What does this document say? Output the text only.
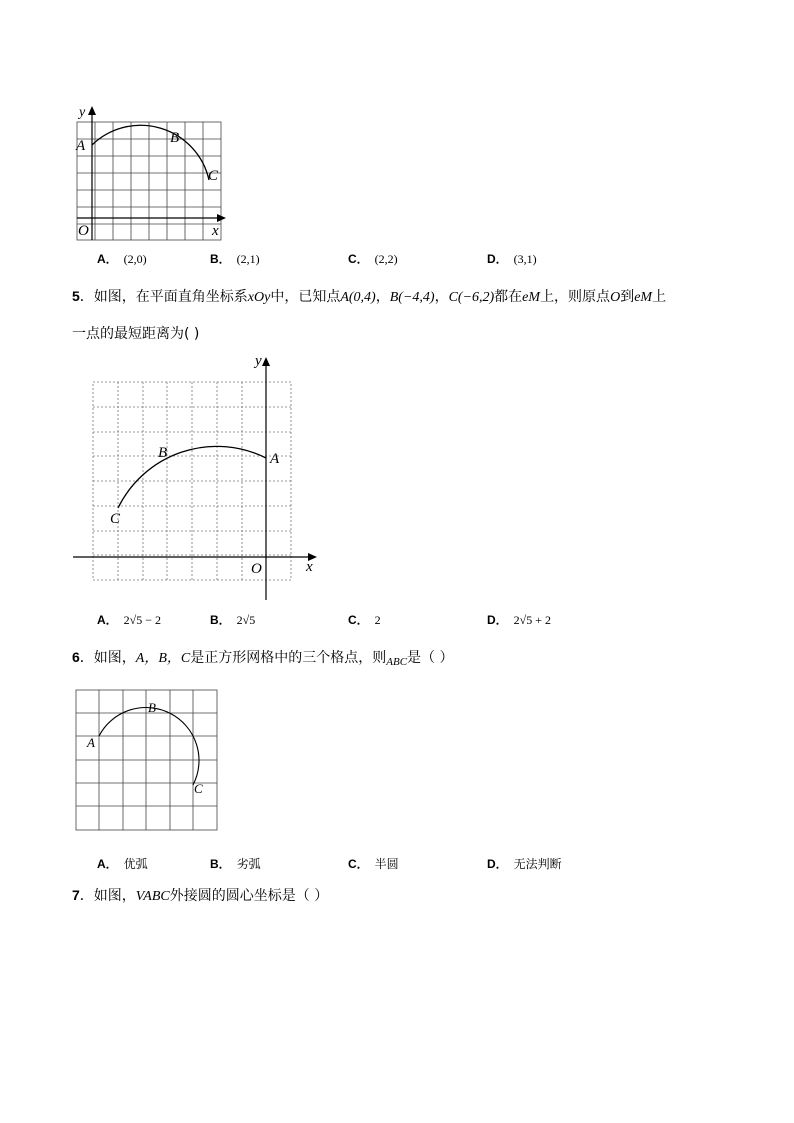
y
A	B
C
O	x
A． (2,0)	B． (2,1)	C． (2,2)	D． (3,1)
5．如图，在平面直角坐标系xOy中，已知点A(0,4)，B(−4,4)，C(−6,2)都在eM上，则原点O到eM上
一点的最短距离为( )
y
B	A
C
O	x
A． 2√5 − 2	B． 2√5	C． 2	D． 2√5 + 2
6．如图，A，B，C是正方形网格中的三个格点，则$_{ABC}$是（ ）
A
B
C
A． 优弧	B． 劣弧	C． 半圆	D． 无法判断
7．如图，VABC外接圆的圆心坐标是（ ）
